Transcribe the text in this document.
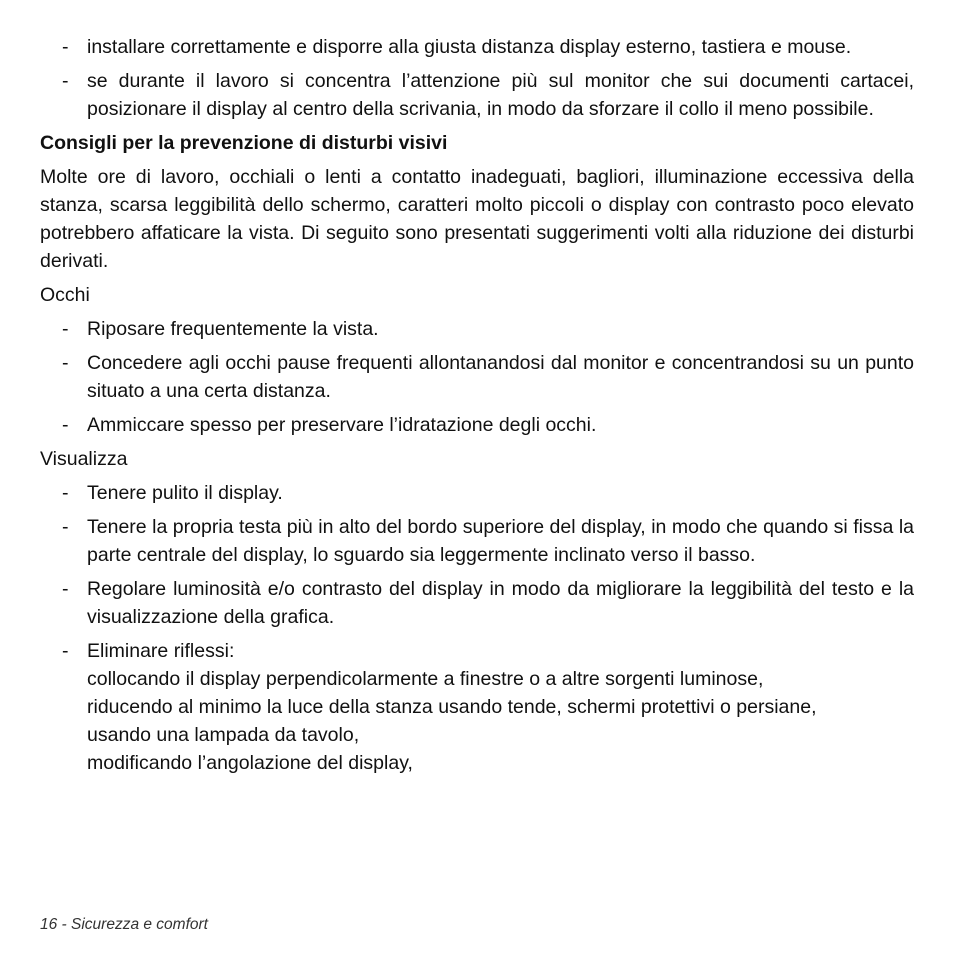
- installare correttamente e disporre alla giusta distanza display esterno, tastiera e mouse.
- se durante il lavoro si concentra l’attenzione più sul monitor che sui documenti cartacei, posizionare il display al centro della scrivania, in modo da sforzare il collo il meno possibile.
Consigli per la prevenzione di disturbi visivi
Molte ore di lavoro, occhiali o lenti a contatto inadeguati, bagliori, illuminazione eccessiva della stanza, scarsa leggibilità dello schermo, caratteri molto piccoli o display con contrasto poco elevato potrebbero affaticare la vista. Di seguito sono presentati suggerimenti volti alla riduzione dei disturbi derivati.
Occhi
- Riposare frequentemente la vista.
- Concedere agli occhi pause frequenti allontanandosi dal monitor e concentrandosi su un punto situato a una certa distanza.
- Ammiccare spesso per preservare l’idratazione degli occhi.
Visualizza
- Tenere pulito il display.
- Tenere la propria testa più in alto del bordo superiore del display, in modo che quando si fissa la parte centrale del display, lo sguardo sia leggermente inclinato verso il basso.
- Regolare luminosità e/o contrasto del display in modo da migliorare la leggibilità del testo e la visualizzazione della grafica.
- Eliminare riflessi:
collocando il display perpendicolarmente a finestre o a altre sorgenti luminose,
riducendo al minimo la luce della stanza usando tende, schermi protettivi o persiane,
usando una lampada da tavolo,
modificando l’angolazione del display,
16 - Sicurezza e comfort
